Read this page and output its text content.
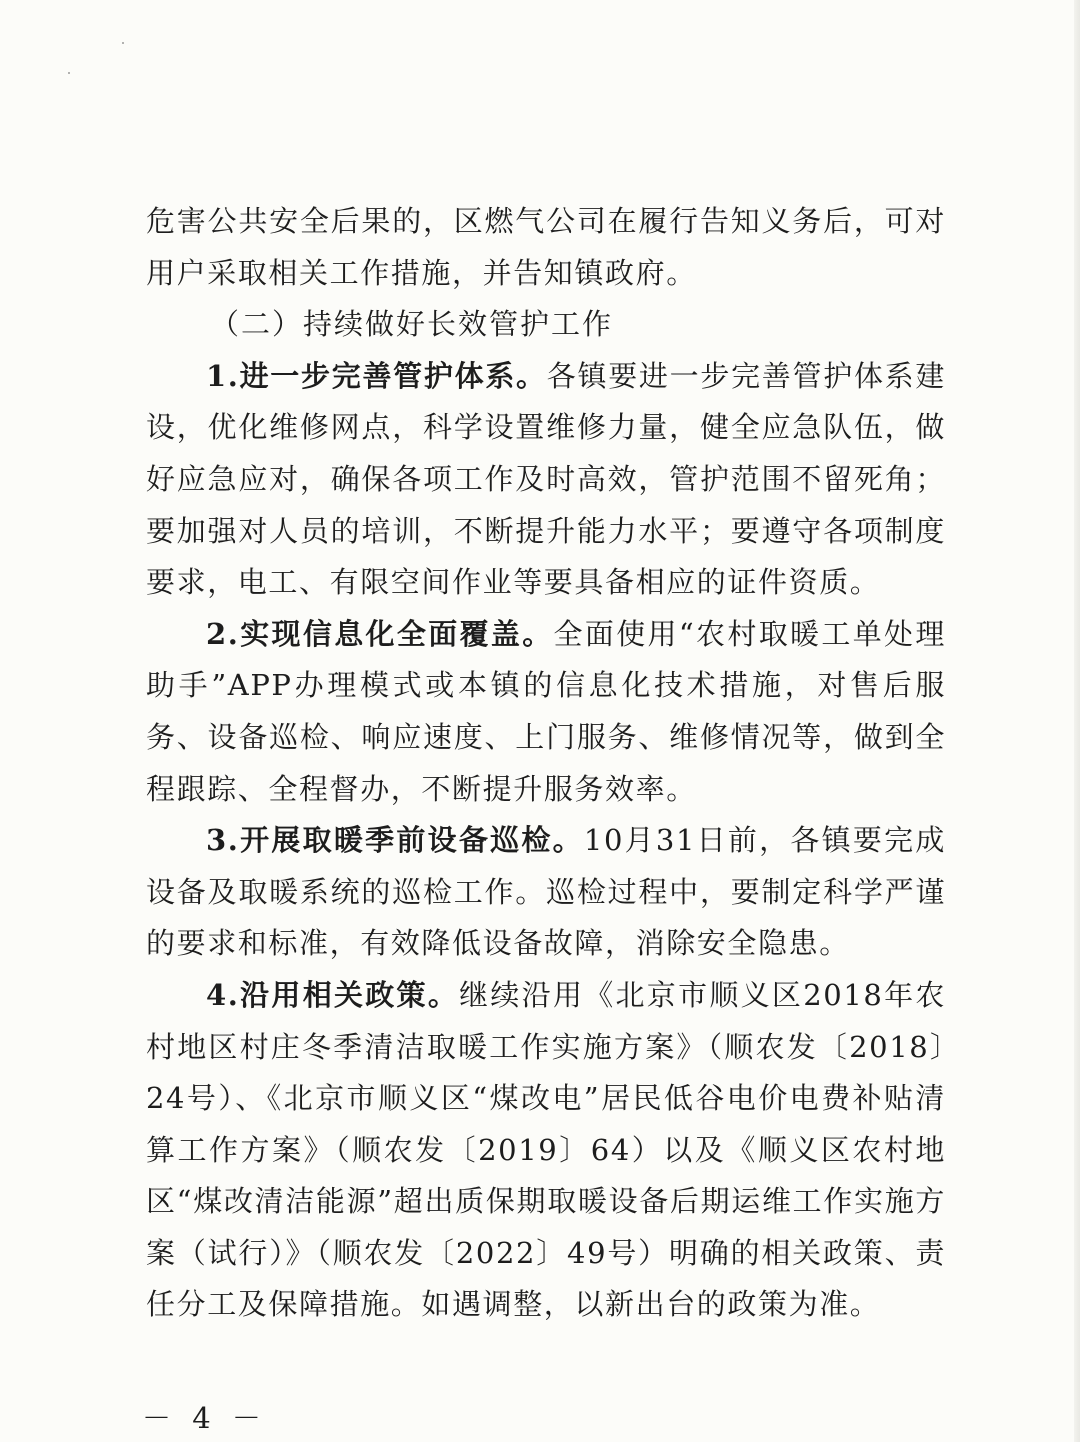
危害公共安全后果的，区燃气公司在履行告知义务后，可对用户采取相关工作措施，并告知镇政府。

（二）持续做好长效管护工作

1.进一步完善管护体系。各镇要进一步完善管护体系建设，优化维修网点，科学设置维修力量，健全应急队伍，做好应急应对，确保各项工作及时高效，管护范围不留死角；要加强对人员的培训，不断提升能力水平；要遵守各项制度要求，电工、有限空间作业等要具备相应的证件资质。

2.实现信息化全面覆盖。全面使用“农村取暖工单处理助手”APP办理模式或本镇的信息化技术措施，对售后服务、设备巡检、响应速度、上门服务、维修情况等，做到全程跟踪、全程督办，不断提升服务效率。

3.开展取暖季前设备巡检。10月31日前，各镇要完成设备及取暖系统的巡检工作。巡检过程中，要制定科学严谨的要求和标准，有效降低设备故障，消除安全隐患。

4.沿用相关政策。继续沿用《北京市顺义区2018年农村地区村庄冬季清洁取暖工作实施方案》（顺农发〔2018〕24号）、《北京市顺义区“煤改电”居民低谷电价电费补贴清算工作方案》（顺农发〔2019〕64）以及《顺义区农村地区“煤改清洁能源”超出质保期取暖设备后期运维工作实施方案（试行）》（顺农发〔2022〕49号）明确的相关政策、责任分工及保障措施。如遇调整，以新出台的政策为准。

－ 4 －
